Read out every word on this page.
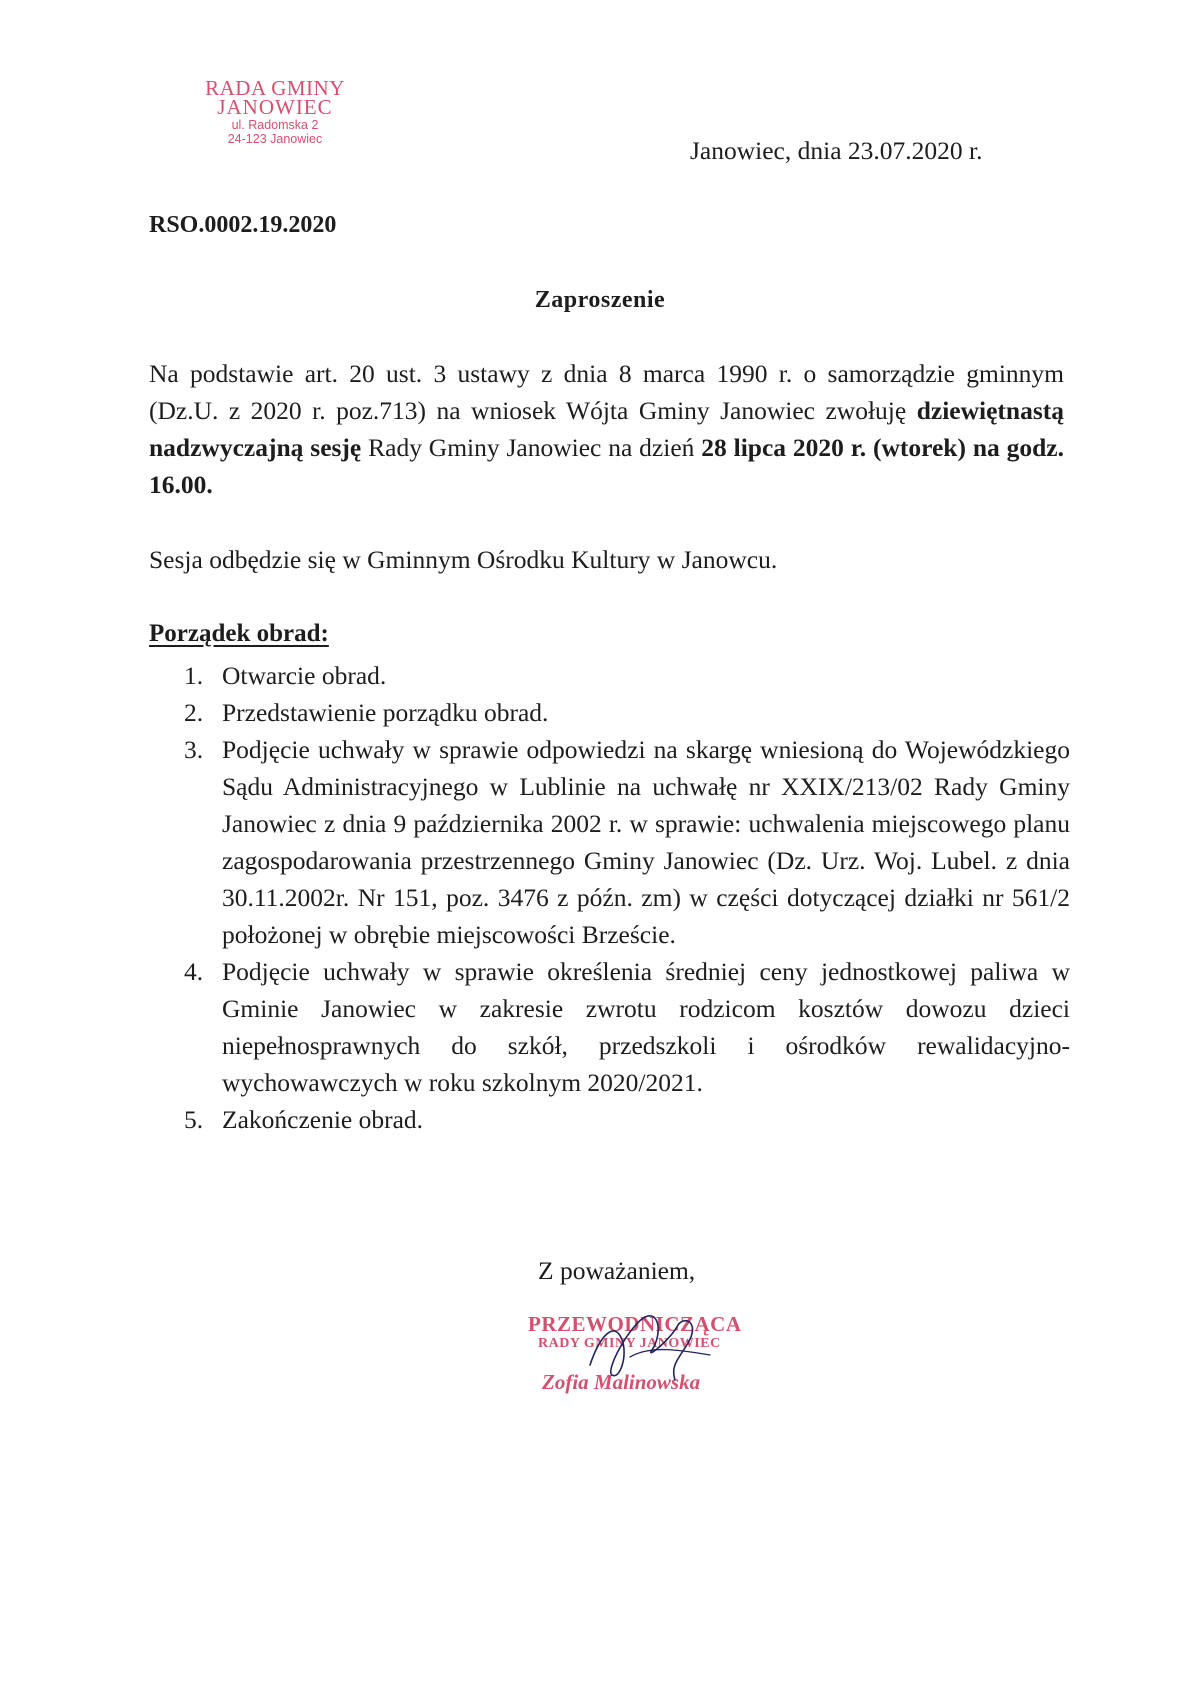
RADA GMINY
JANOWIEC
ul. Radomska 2
24-123 Janowiec	Janowiec, dnia 23.07.2020 r.
RSO.0002.19.2020
Zaproszenie
Na podstawie art. 20 ust. 3 ustawy z dnia 8 marca 1990 r. o samorządzie gminnym (Dz.U. z 2020 r. poz.713) na wniosek Wójta Gminy Janowiec zwołuję dziewiętnastą nadzwyczajną sesję Rady Gminy Janowiec na dzień 28 lipca 2020 r. (wtorek) na godz. 16.00.
Sesja odbędzie się w Gminnym Ośrodku Kultury w Janowcu.
Porządek obrad:
1. Otwarcie obrad.
2. Przedstawienie porządku obrad.
3. Podjęcie uchwały w sprawie odpowiedzi na skargę wniesioną do Wojewódzkiego Sądu Administracyjnego w Lublinie na uchwałę nr XXIX/213/02 Rady Gminy Janowiec z dnia 9 października 2002 r. w sprawie: uchwalenia miejscowego planu zagospodarowania przestrzennego Gminy Janowiec (Dz. Urz. Woj. Lubel. z dnia 30.11.2002r. Nr 151, poz. 3476 z późn. zm) w części dotyczącej działki nr 561/2 położonej w obrębie miejscowości Brzeście.
4. Podjęcie uchwały w sprawie określenia średniej ceny jednostkowej paliwa w Gminie Janowiec w zakresie zwrotu rodzicom kosztów dowozu dzieci niepełnosprawnych do szkół, przedszkoli i ośrodków rewalidacyjno-wychowawczych w roku szkolnym 2020/2021.
5. Zakończenie obrad.
Z poważaniem,
PRZEWODNICZĄCA
RADY GMINY JANOWIEC
Zofia Malinowska
